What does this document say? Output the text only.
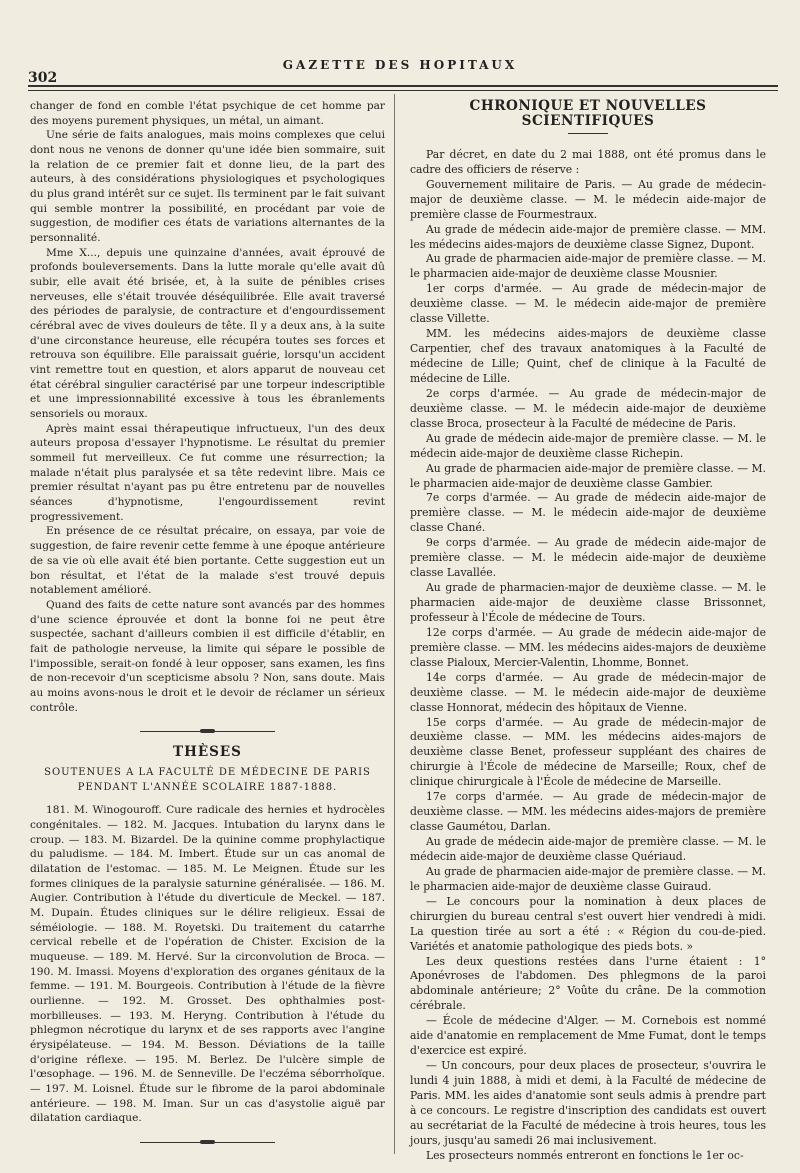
302
GAZETTE DES HOPITAUX

changer de fond en comble l'état psychique de cet homme par des moyens purement physiques, un métal, un aimant.

Une série de faits analogues, mais moins complexes que celui dont nous ne venons de donner qu'une idée bien sommaire, suit la relation de ce premier fait et donne lieu, de la part des auteurs, à des considérations physiologiques et psychologiques du plus grand intérêt sur ce sujet. Ils terminent par le fait suivant qui semble montrer la possibilité, en procédant par voie de suggestion, de modifier ces états de variations alternantes de la personnalité.

Mme X..., depuis une quinzaine d'années, avait éprouvé de profonds bouleversements. Dans la lutte morale qu'elle avait dû subir, elle avait été brisée, et, à la suite de pénibles crises nerveuses, elle s'était trouvée déséquilibrée. Elle avait traversé des périodes de paralysie, de contracture et d'engourdissement cérébral avec de vives douleurs de tête. Il y a deux ans, à la suite d'une circonstance heureuse, elle récupéra toutes ses forces et retrouva son équilibre. Elle paraissait guérie, lorsqu'un accident vint remettre tout en question, et alors apparut de nouveau cet état cérébral singulier caractérisé par une torpeur indescriptible et une impressionnabilité excessive à tous les ébranlements sensoriels ou moraux.

Après maint essai thérapeutique infructueux, l'un des deux auteurs proposa d'essayer l'hypnotisme. Le résultat du premier sommeil fut merveilleux. Ce fut comme une résurrection; la malade n'était plus paralysée et sa tête redevint libre. Mais ce premier résultat n'ayant pas pu être entretenu par de nouvelles séances d'hypnotisme, l'engourdissement revint progressivement.

En présence de ce résultat précaire, on essaya, par voie de suggestion, de faire revenir cette femme à une époque antérieure de sa vie où elle avait été bien portante. Cette suggestion eut un bon résultat, et l'état de la malade s'est trouvé depuis notablement amélioré.

Quand des faits de cette nature sont avancés par des hommes d'une science éprouvée et dont la bonne foi ne peut être suspectée, sachant d'ailleurs combien il est difficile d'établir, en fait de pathologie nerveuse, la limite qui sépare le possible de l'impossible, serait-on fondé à leur opposer, sans examen, les fins de non-recevoir d'un scepticisme absolu ? Non, sans doute. Mais au moins avons-nous le droit et le devoir de réclamer un sérieux contrôle.

THÈSES
SOUTENUES A LA FACULTÉ DE MÉDECINE DE PARIS
PENDANT L'ANNÉE SCOLAIRE 1887-1888.

181. M. Winogouroff. Cure radicale des hernies et hydrocèles congénitales. — 182. M. Jacques. Intubation du larynx dans le croup. — 183. M. Bizardel. De la quinine comme prophylactique du paludisme. — 184. M. Imbert. Étude sur un cas anomal de dilatation de l'estomac. — 185. M. Le Meignen. Étude sur les formes cliniques de la paralysie saturnine généralisée. — 186. M. Augier. Contribution à l'étude du diverticule de Meckel. — 187. M. Dupain. Études cliniques sur le délire religieux. Essai de séméiologie. — 188. M. Royetski. Du traitement du catarrhe cervical rebelle et de l'opération de Chister. Excision de la muqueuse. — 189. M. Hervé. Sur la circonvolution de Broca. — 190. M. Imassi. Moyens d'exploration des organes génitaux de la femme. — 191. M. Bourgeois. Contribution à l'étude de la fièvre ourlienne. — 192. M. Grosset. Des ophthalmies post-morbilleuses. — 193. M. Heryng. Contribution à l'étude du phlegmon nécrotique du larynx et de ses rapports avec l'angine érysipélateuse. — 194. M. Besson. Déviations de la taille d'origine réflexe. — 195. M. Berlez. De l'ulcère simple de l'œsophage. — 196. M. de Senneville. De l'eczéma séborrhoïque. — 197. M. Loisnel. Étude sur le fibrome de la paroi abdominale antérieure. — 198. M. Iman. Sur un cas d'asystolie aiguë par dilatation cardiaque.

CHRONIQUE ET NOUVELLES SCIENTIFIQUES

Par décret, en date du 2 mai 1888, ont été promus dans le cadre des officiers de réserve :

Gouvernement militaire de Paris. — Au grade de médecin-major de deuxième classe. — M. le médecin aide-major de première classe de Fourmestraux.

Au grade de médecin aide-major de première classe. — MM. les médecins aides-majors de deuxième classe Signez, Dupont.

Au grade de pharmacien aide-major de première classe. — M. le pharmacien aide-major de deuxième classe Mousnier.

1er corps d'armée. — Au grade de médecin-major de deuxième classe. — M. le médecin aide-major de première classe Villette.

MM. les médecins aides-majors de deuxième classe Carpentier, chef des travaux anatomiques à la Faculté de médecine de Lille; Quint, chef de clinique à la Faculté de médecine de Lille.

2e corps d'armée. — Au grade de médecin-major de deuxième classe. — M. le médecin aide-major de deuxième classe Broca, prosecteur à la Faculté de médecine de Paris.

Au grade de médecin aide-major de première classe. — M. le médecin aide-major de deuxième classe Richepin.

Au grade de pharmacien aide-major de première classe. — M. le pharmacien aide-major de deuxième classe Gambier.

7e corps d'armée. — Au grade de médecin aide-major de première classe. — M. le médecin aide-major de deuxième classe Chané.

9e corps d'armée. — Au grade de médecin aide-major de première classe. — M. le médecin aide-major de deuxième classe Lavallée.

Au grade de pharmacien-major de deuxième classe. — M. le pharmacien aide-major de deuxième classe Brissonnet, professeur à l'École de médecine de Tours.

12e corps d'armée. — Au grade de médecin aide-major de première classe. — MM. les médecins aides-majors de deuxième classe Pialoux, Mercier-Valentin, Lhomme, Bonnet.

14e corps d'armée. — Au grade de médecin-major de deuxième classe. — M. le médecin aide-major de deuxième classe Honnorat, médecin des hôpitaux de Vienne.

15e corps d'armée. — Au grade de médecin-major de deuxième classe. — MM. les médecins aides-majors de deuxième classe Benet, professeur suppléant des chaires de chirurgie à l'École de médecine de Marseille; Roux, chef de clinique chirurgicale à l'École de médecine de Marseille.

17e corps d'armée. — Au grade de médecin-major de deuxième classe. — MM. les médecins aides-majors de première classe Gaumétou, Darlan.

Au grade de médecin aide-major de première classe. — M. le médecin aide-major de deuxième classe Quériaud.

Au grade de pharmacien aide-major de première classe. — M. le pharmacien aide-major de deuxième classe Guiraud.

— Le concours pour la nomination à deux places de chirurgien du bureau central s'est ouvert hier vendredi à midi. La question tirée au sort a été : « Région du cou-de-pied. Variétés et anatomie pathologique des pieds bots. »

Les deux questions restées dans l'urne étaient : 1° Aponévroses de l'abdomen. Des phlegmons de la paroi abdominale antérieure; 2° Voûte du crâne. De la commotion cérébrale.

— École de médecine d'Alger. — M. Cornebois est nommé aide d'anatomie en remplacement de Mme Fumat, dont le temps d'exercice est expiré.

— Un concours, pour deux places de prosecteur, s'ouvrira le lundi 4 juin 1888, à midi et demi, à la Faculté de médecine de Paris. MM. les aides d'anatomie sont seuls admis à prendre part à ce concours. Le registre d'inscription des candidats est ouvert au secrétariat de la Faculté de médecine à trois heures, tous les jours, jusqu'au samedi 26 mai inclusivement.

Les prosecteurs nommés entreront en fonctions le 1er oc-
